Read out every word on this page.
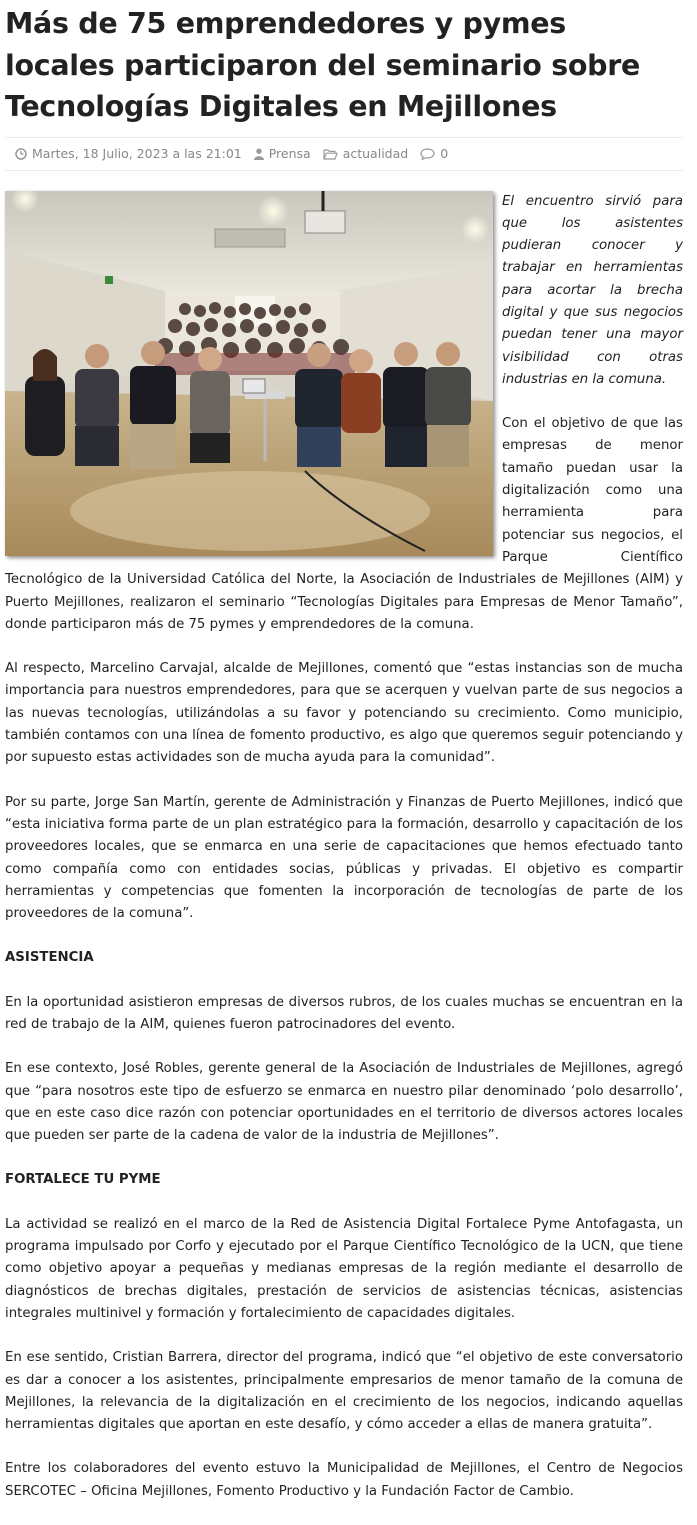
Más de 75 emprendedores y pymes locales participaron del seminario sobre Tecnologías Digitales en Mejillones
Martes, 18 Julio, 2023 a las 21:01 Prensa	actualidad	0

El encuentro sirvió para que los asistentes pudieran conocer y trabajar en herramientas para acortar la brecha digital y que sus negocios puedan tener una mayor visibilidad con otras industrias en la comuna.

Con el objetivo de que las empresas de menor tamaño puedan usar la digitalización como una herramienta para potenciar sus negocios, el Parque Científico Tecnológico de la Universidad Católica del Norte, la Asociación de Industriales de Mejillones (AIM) y Puerto Mejillones, realizaron el seminario “Tecnologías Digitales para Empresas de Menor Tamaño”, donde participaron más de 75 pymes y emprendedores de la comuna.

Al respecto, Marcelino Carvajal, alcalde de Mejillones, comentó que “estas instancias son de mucha importancia para nuestros emprendedores, para que se acerquen y vuelvan parte de sus negocios a las nuevas tecnologías, utilizándolas a su favor y potenciando su crecimiento. Como municipio, también contamos con una línea de fomento productivo, es algo que queremos seguir potenciando y por supuesto estas actividades son de mucha ayuda para la comunidad”.

Por su parte, Jorge San Martín, gerente de Administración y Finanzas de Puerto Mejillones, indicó que “esta iniciativa forma parte de un plan estratégico para la formación, desarrollo y capacitación de los proveedores locales, que se enmarca en una serie de capacitaciones que hemos efectuado tanto como compañía como con entidades socias, públicas y privadas. El objetivo es compartir herramientas y competencias que fomenten la incorporación de tecnologías de parte de los proveedores de la comuna”.

ASISTENCIA

En la oportunidad asistieron empresas de diversos rubros, de los cuales muchas se encuentran en la red de trabajo de la AIM, quienes fueron patrocinadores del evento.

En ese contexto, José Robles, gerente general de la Asociación de Industriales de Mejillones, agregó que “para nosotros este tipo de esfuerzo se enmarca en nuestro pilar denominado ‘polo desarrollo’, que en este caso dice razón con potenciar oportunidades en el territorio de diversos actores locales que pueden ser parte de la cadena de valor de la industria de Mejillones”.

FORTALECE TU PYME

La actividad se realizó en el marco de la Red de Asistencia Digital Fortalece Pyme Antofagasta, un programa impulsado por Corfo y ejecutado por el Parque Científico Tecnológico de la UCN, que tiene como objetivo apoyar a pequeñas y medianas empresas de la región mediante el desarrollo de diagnósticos de brechas digitales, prestación de servicios de asistencias técnicas, asistencias integrales multinivel y formación y fortalecimiento de capacidades digitales.

En ese sentido, Cristian Barrera, director del programa, indicó que “el objetivo de este conversatorio es dar a conocer a los asistentes, principalmente empresarios de menor tamaño de la comuna de Mejillones, la relevancia de la digitalización en el crecimiento de los negocios, indicando aquellas herramientas digitales que aportan en este desafío, y cómo acceder a ellas de manera gratuita”.

Entre los colaboradores del evento estuvo la Municipalidad de Mejillones, el Centro de Negocios SERCOTEC – Oficina Mejillones, Fomento Productivo y la Fundación Factor de Cambio.
